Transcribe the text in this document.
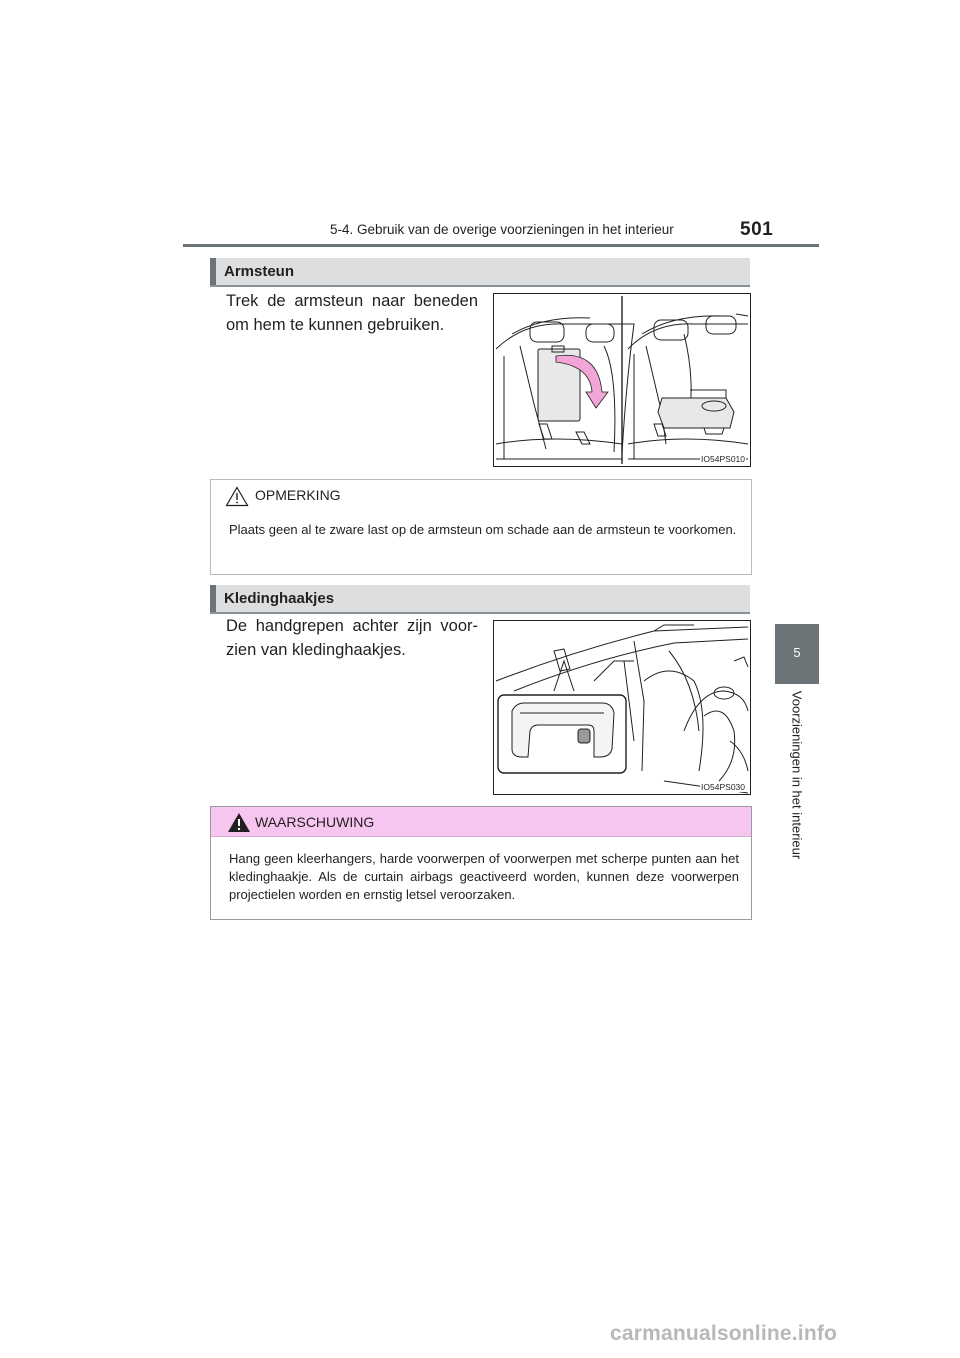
5-4. Gebruik van de overige voorzieningen in het interieur	501
5
Voorzieningen in het interieur
Armsteun
Trek de armsteun naar beneden om hem te kunnen gebruiken.
IO54PS010
OPMERKING
Plaats geen al te zware last op de armsteun om schade aan de armsteun te voorkomen.
Kledinghaakjes
De handgrepen achter zijn voor-zien van kledinghaakjes.
IO54PS030
WAARSCHUWING
Hang geen kleerhangers, harde voorwerpen of voorwerpen met scherpe punten aan het kledinghaakje. Als de curtain airbags geactiveerd worden, kunnen deze voorwerpen projectielen worden en ernstig letsel veroorzaken.
carmanualsonline.info
